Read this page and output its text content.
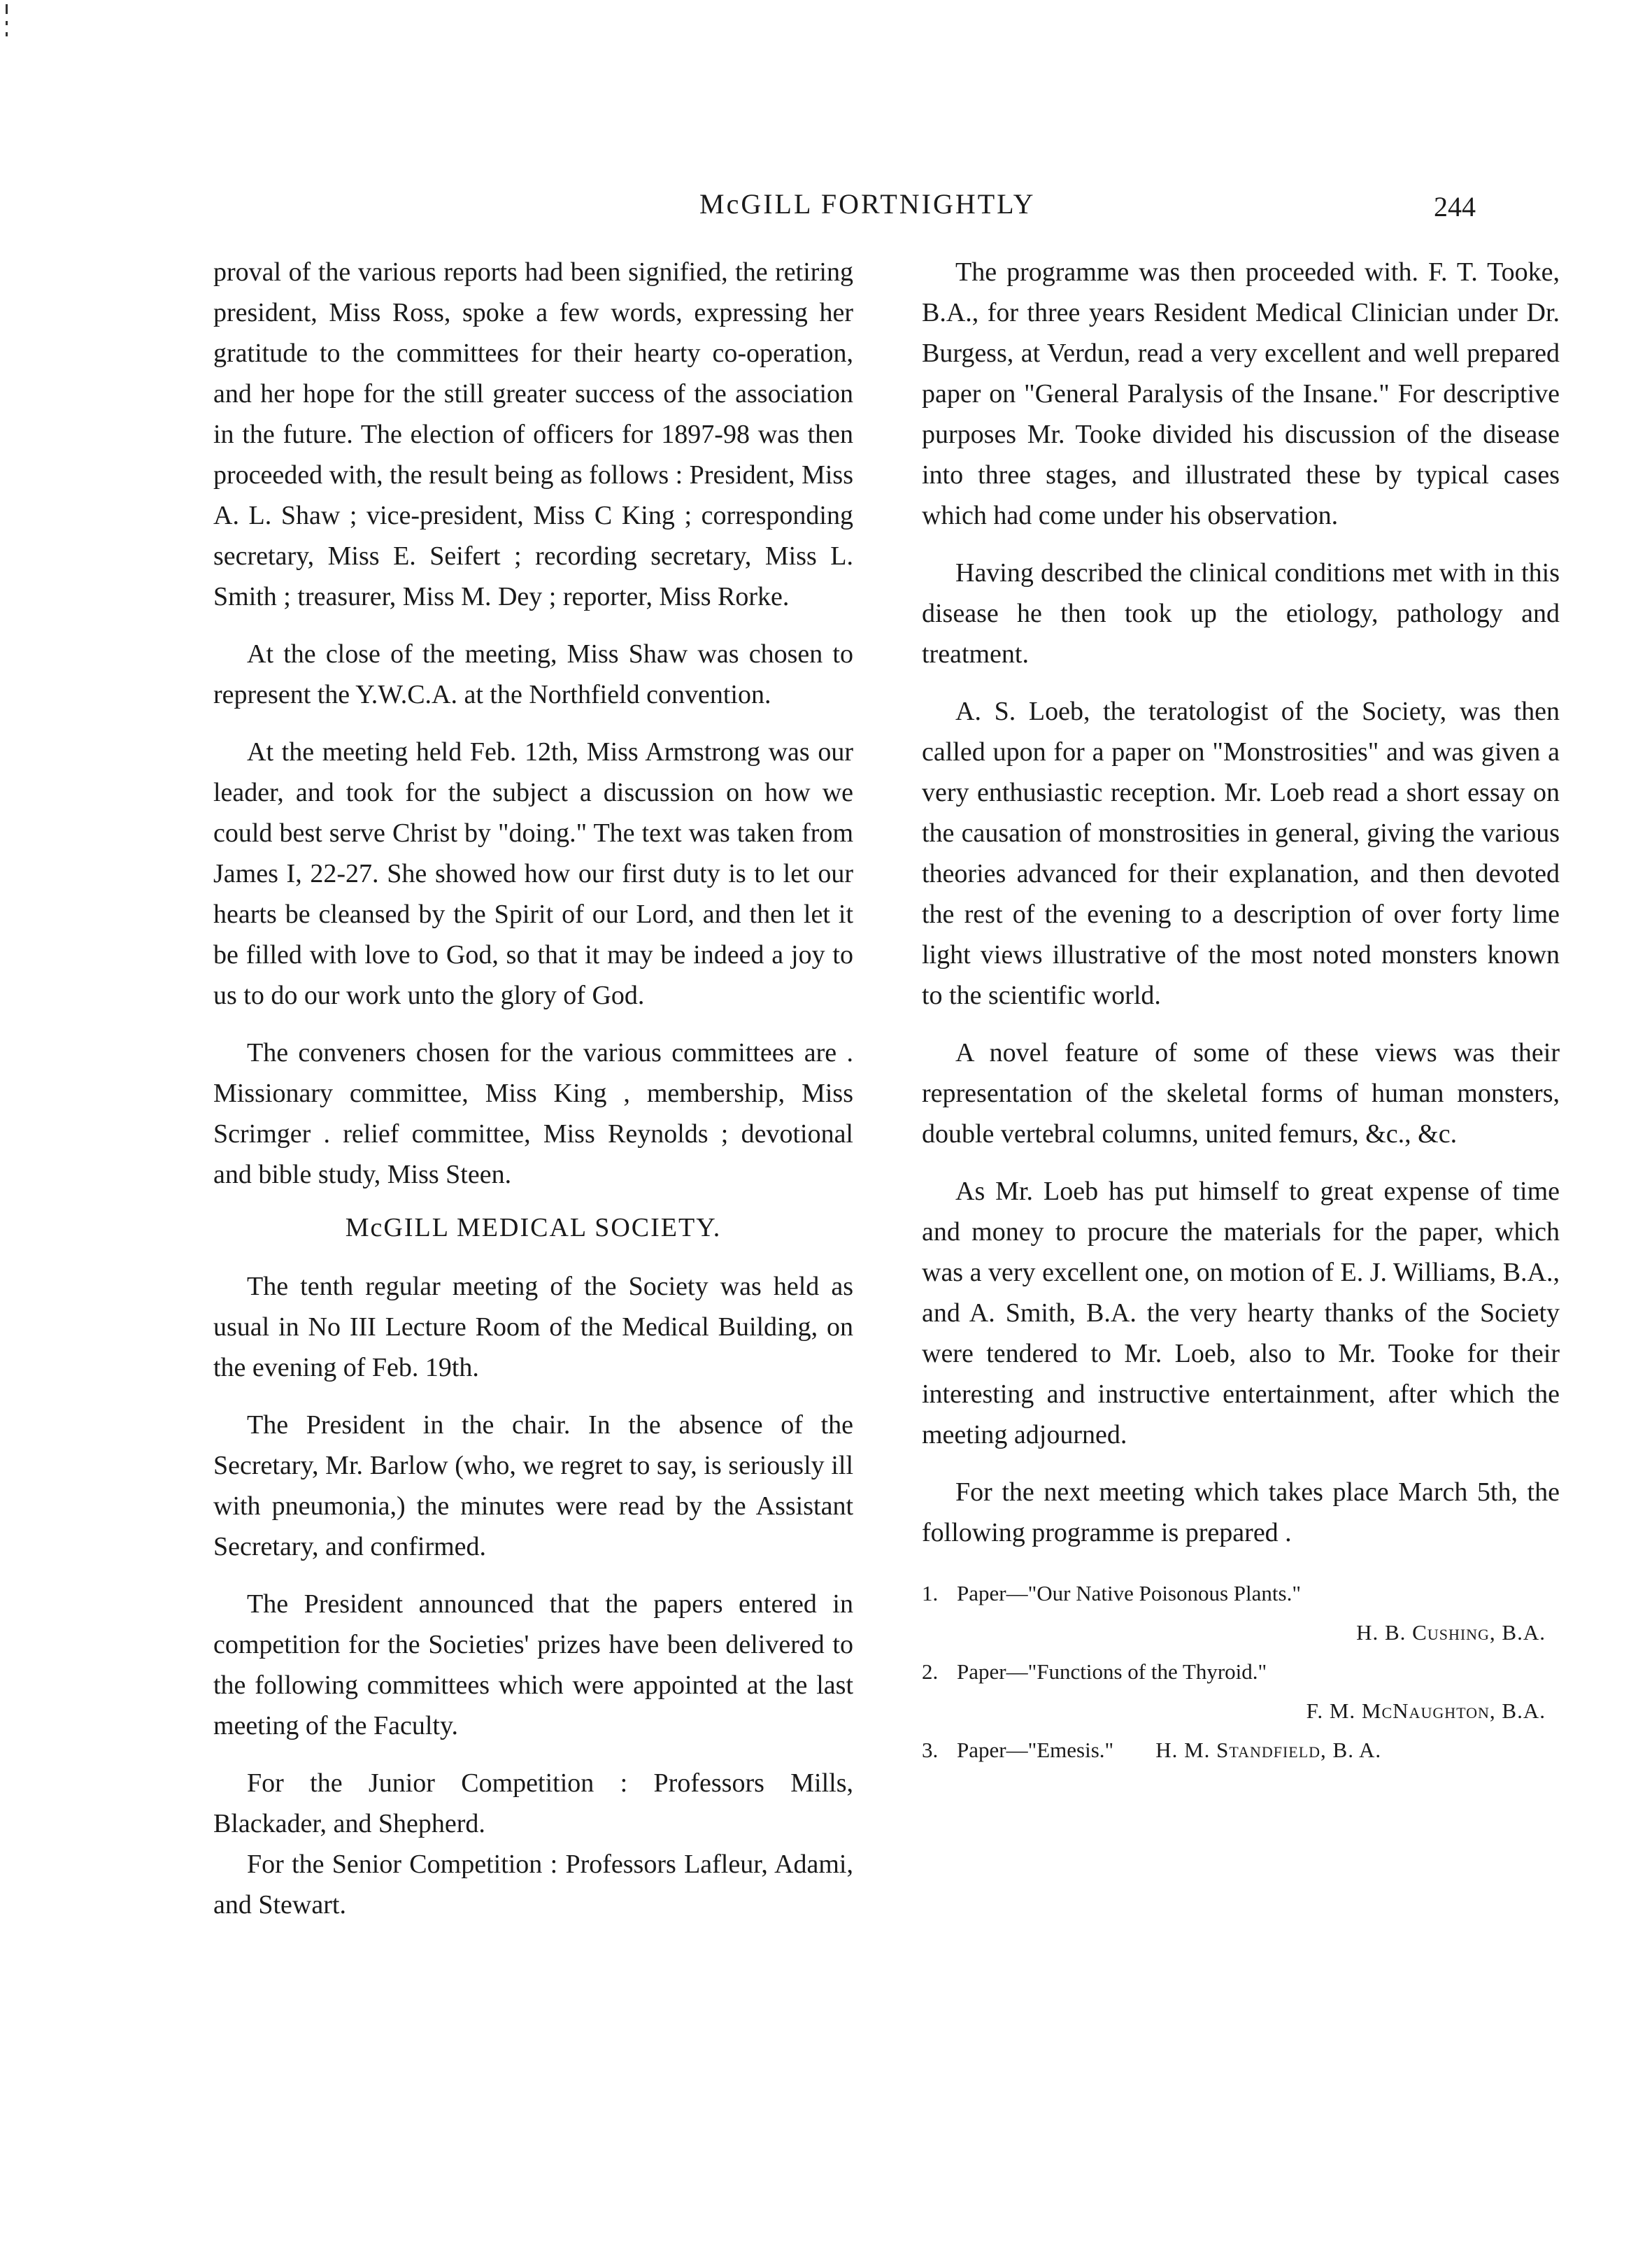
McGILL FORTNIGHTLY	244

proval of the various reports had been signified, the retiring president, Miss Ross, spoke a few words, expressing her gratitude to the committees for their hearty co-operation, and her hope for the still greater success of the association in the future. The election of officers for 1897-98 was then proceeded with, the result being as follows : President, Miss A. L. Shaw ; vice-president, Miss C King ; corresponding secretary, Miss E. Seifert ; recording secretary, Miss L. Smith ; treasurer, Miss M. Dey ; reporter, Miss Rorke.

At the close of the meeting, Miss Shaw was chosen to represent the Y.W.C.A. at the Northfield convention.

At the meeting held Feb. 12th, Miss Armstrong was our leader, and took for the subject a discussion on how we could best serve Christ by "doing." The text was taken from James I, 22-27. She showed how our first duty is to let our hearts be cleansed by the Spirit of our Lord, and then let it be filled with love to God, so that it may be indeed a joy to us to do our work unto the glory of God.

The conveners chosen for the various committees are . Missionary committee, Miss King , membership, Miss Scrimger . relief committee, Miss Reynolds ; devotional and bible study, Miss Steen.

McGILL MEDICAL SOCIETY.

The tenth regular meeting of the Society was held as usual in No III Lecture Room of the Medical Building, on the evening of Feb. 19th.

The President in the chair. In the absence of the Secretary, Mr. Barlow (who, we regret to say, is seriously ill with pneumonia,) the minutes were read by the Assistant Secretary, and confirmed.

The President announced that the papers entered in competition for the Societies' prizes have been delivered to the following committees which were appointed at the last meeting of the Faculty.

For the Junior Competition : Professors Mills, Blackader, and Shepherd.

For the Senior Competition : Professors Lafleur, Adami, and Stewart.

The programme was then proceeded with. F. T. Tooke, B.A., for three years Resident Medical Clinician under Dr. Burgess, at Verdun, read a very excellent and well prepared paper on "General Paralysis of the Insane." For descriptive purposes Mr. Tooke divided his discussion of the disease into three stages, and illustrated these by typical cases which had come under his observation.

Having described the clinical conditions met with in this disease he then took up the etiology, pathology and treatment.

A. S. Loeb, the teratologist of the Society, was then called upon for a paper on "Monstrosities" and was given a very enthusiastic reception. Mr. Loeb read a short essay on the causation of monstrosities in general, giving the various theories advanced for their explanation, and then devoted the rest of the evening to a description of over forty lime light views illustrative of the most noted monsters known to the scientific world.

A novel feature of some of these views was their representation of the skeletal forms of human monsters, double vertebral columns, united femurs, &c., &c.

As Mr. Loeb has put himself to great expense of time and money to procure the materials for the paper, which was a very excellent one, on motion of E. J. Williams, B.A., and A. Smith, B.A. the very hearty thanks of the Society were tendered to Mr. Loeb, also to Mr. Tooke for their interesting and instructive entertainment, after which the meeting adjourned.

For the next meeting which takes place March 5th, the following programme is prepared .

1. Paper—"Our Native Poisonous Plants."
H. B. Cushing, B.A.
2. Paper—"Functions of the Thyroid."
F. M. McNaughton, B.A.
3. Paper—"Emesis." H. M. Standfield, B. A.
